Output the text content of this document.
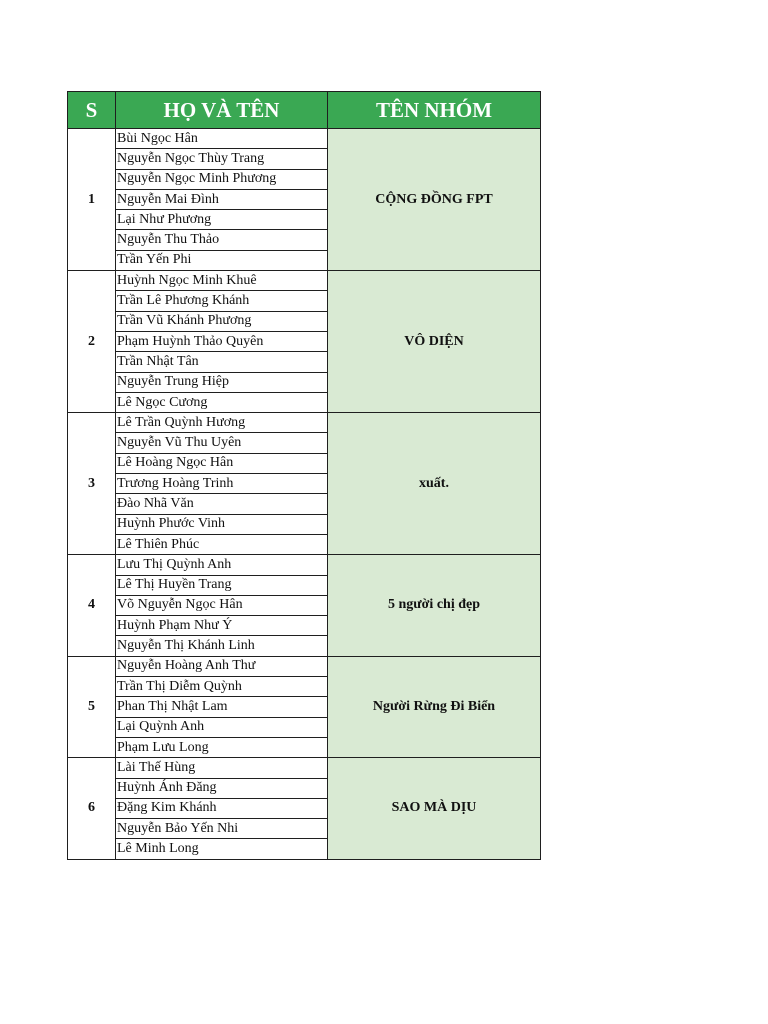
S	HỌ VÀ TÊN	TÊN NHÓM
1	Bùi Ngọc Hân	CỘNG ĐỒNG FPT
	Nguyễn Ngọc Thùy Trang	
	Nguyễn Ngọc Minh Phương	
	Nguyễn Mai Đình	
	Lại Như Phương	
	Nguyễn Thu Thảo	
	Trần Yến Phi	
2	Huỳnh Ngọc Minh Khuê	VÔ DIỆN
	Trần Lê Phương Khánh	
	Trần Vũ Khánh Phương	
	Phạm Huỳnh Thảo Quyên	
	Trần Nhật Tân	
	Nguyễn Trung Hiệp	
	Lê Ngọc Cương	
3	Lê Trần Quỳnh Hương	xuất.
	Nguyễn Vũ Thu Uyên	
	Lê Hoàng Ngọc Hân	
	Trương Hoàng Trinh	
	Đào Nhã Văn	
	Huỳnh Phước Vinh	
	Lê Thiên Phúc	
4	Lưu Thị Quỳnh Anh	5 người chị đẹp
	Lê Thị Huyền Trang	
	Võ Nguyễn Ngọc Hân	
	Huỳnh Phạm Như Ý	
	Nguyễn Thị Khánh Linh	
5	Nguyễn Hoàng Anh Thư	Người Rừng Đi Biển
	Trần Thị Diễm Quỳnh	
	Phan Thị Nhật Lam	
	Lại Quỳnh Anh	
	Phạm Lưu Long	
6	Lài Thế Hùng	SAO MÀ DỊU
	Huỳnh Ánh Đăng	
	Đặng Kim Khánh	
	Nguyễn Bảo Yến Nhi	
	Lê Minh Long	
